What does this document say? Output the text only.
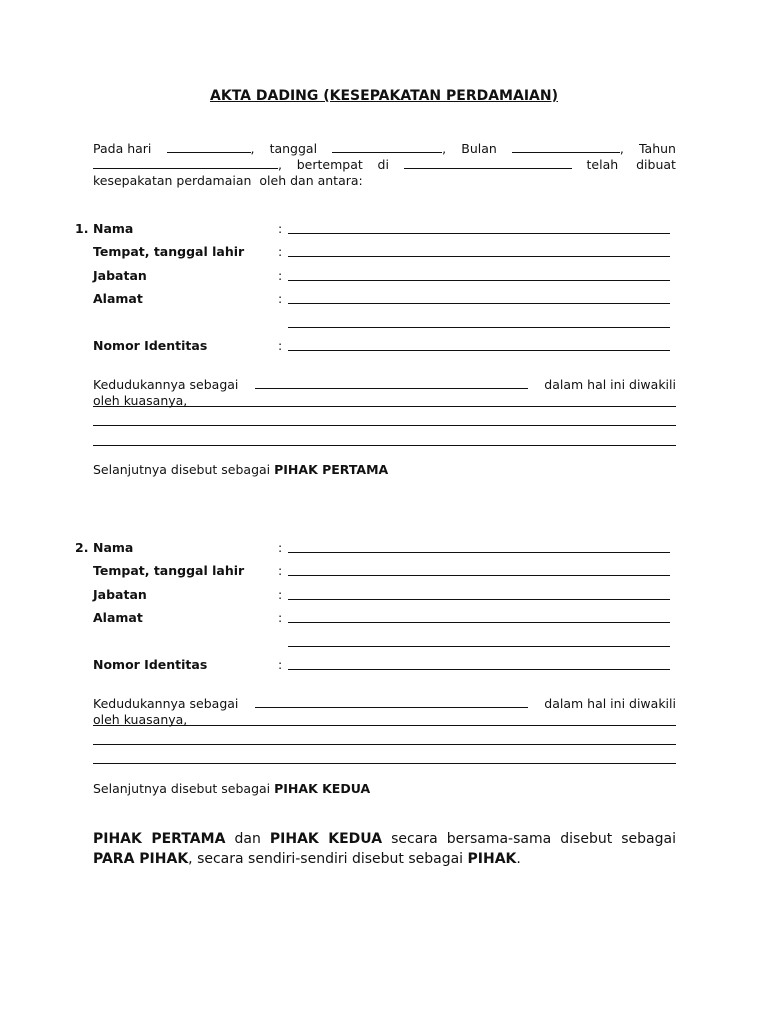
AKTA DADING (KESEPAKATAN PERDAMAIAN)
Pada hari	, tanggal	, Bulan	, Tahun
, bertempat di	telah dibuat
kesepakatan perdamaian  oleh dan antara:
1. Nama	:
Tempat, tanggal lahir	:
Jabatan	:
Alamat	:
Nomor Identitas	:
Kedudukannya sebagai	dalam hal ini diwakili
oleh kuasanya,
Selanjutnya disebut sebagai PIHAK PERTAMA
2. Nama	:
Tempat, tanggal lahir	:
Jabatan	:
Alamat	:
Nomor Identitas	:
Kedudukannya sebagai	dalam hal ini diwakili
oleh kuasanya,
Selanjutnya disebut sebagai PIHAK KEDUA
PIHAK PERTAMA dan PIHAK KEDUA secara bersama-sama disebut sebagai PARA PIHAK, secara sendiri-sendiri disebut sebagai PIHAK.
